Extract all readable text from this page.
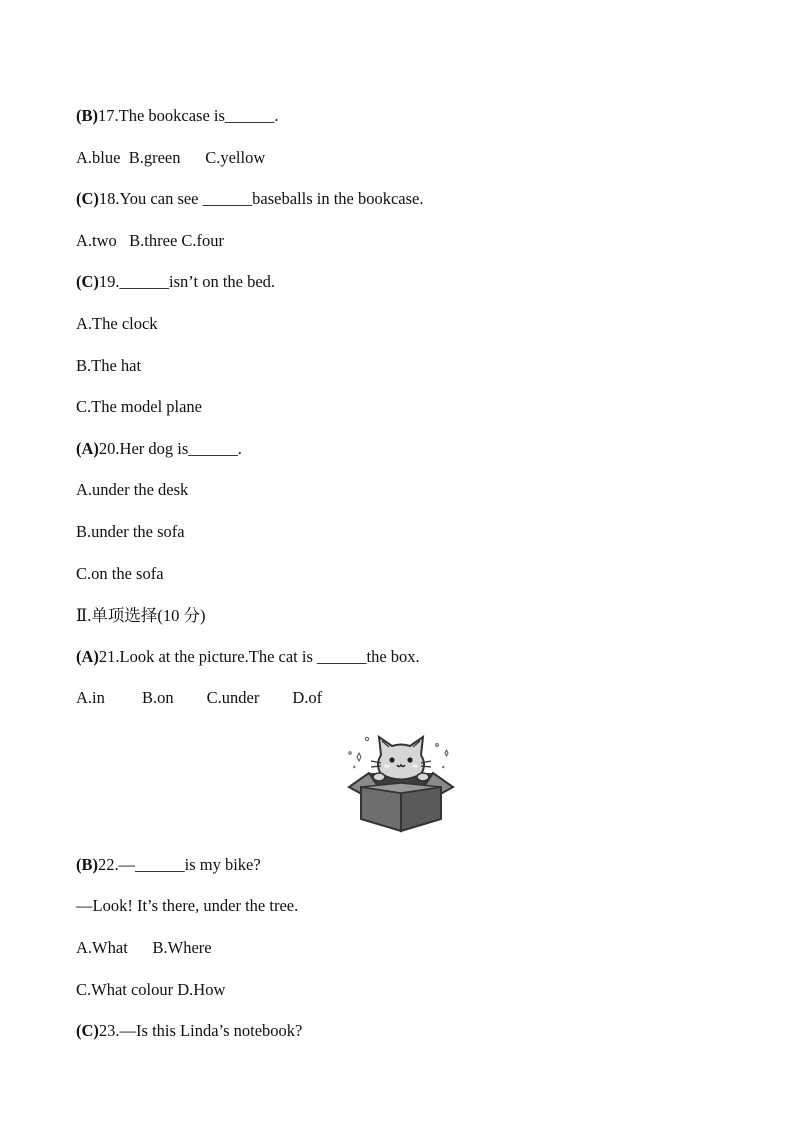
(B)17.The bookcase is______.
A.blue  B.green      C.yellow
(C)18.You can see ______baseballs in the bookcase.
A.two   B.three C.four
(C)19.______isn’t on the bed.
A.The clock
B.The hat
C.The model plane
(A)20.Her dog is______.
A.under the desk
B.under the sofa
C.on the sofa
Ⅱ.单项选择(10 分)
(A)21.Look at the picture.The cat is ______the box.
A.in         B.on        C.under        D.of
(B)22.—______is my bike?
—Look! It’s there, under the tree.
A.What      B.Where
C.What colour D.How
(C)23.—Is this Linda’s notebook?
